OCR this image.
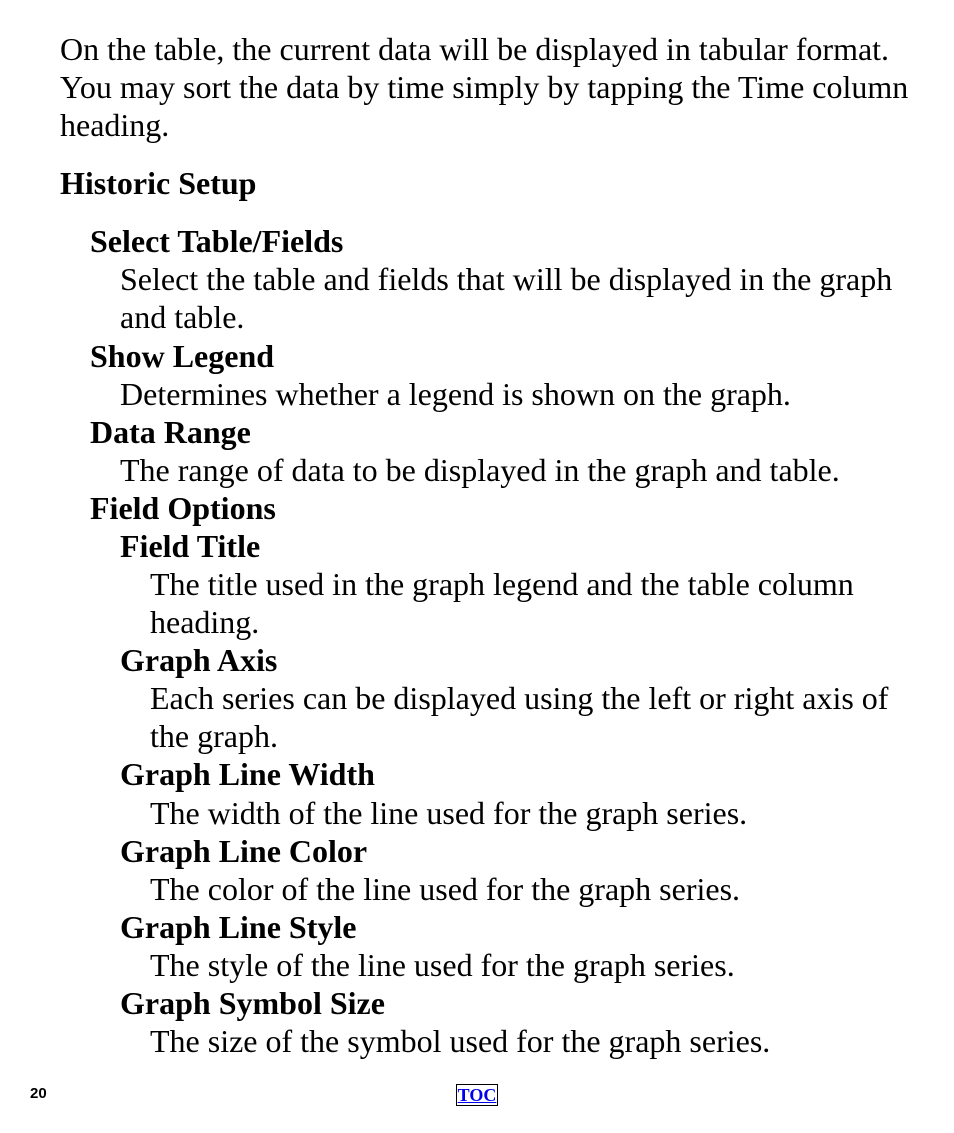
On the table, the current data will be displayed in tabular format. You may sort the data by time simply by tapping the Time column heading.

Historic Setup
Select Table/Fields
Select the table and fields that will be displayed in the graph and table.
Show Legend
Determines whether a legend is shown on the graph.
Data Range
The range of data to be displayed in the graph and table.
Field Options
Field Title
The title used in the graph legend and the table column heading.
Graph Axis
Each series can be displayed using the left or right axis of the graph.
Graph Line Width
The width of the line used for the graph series.
Graph Line Color
The color of the line used for the graph series.
Graph Line Style
The style of the line used for the graph series.
Graph Symbol Size
The size of the symbol used for the graph series.
20	TOC
